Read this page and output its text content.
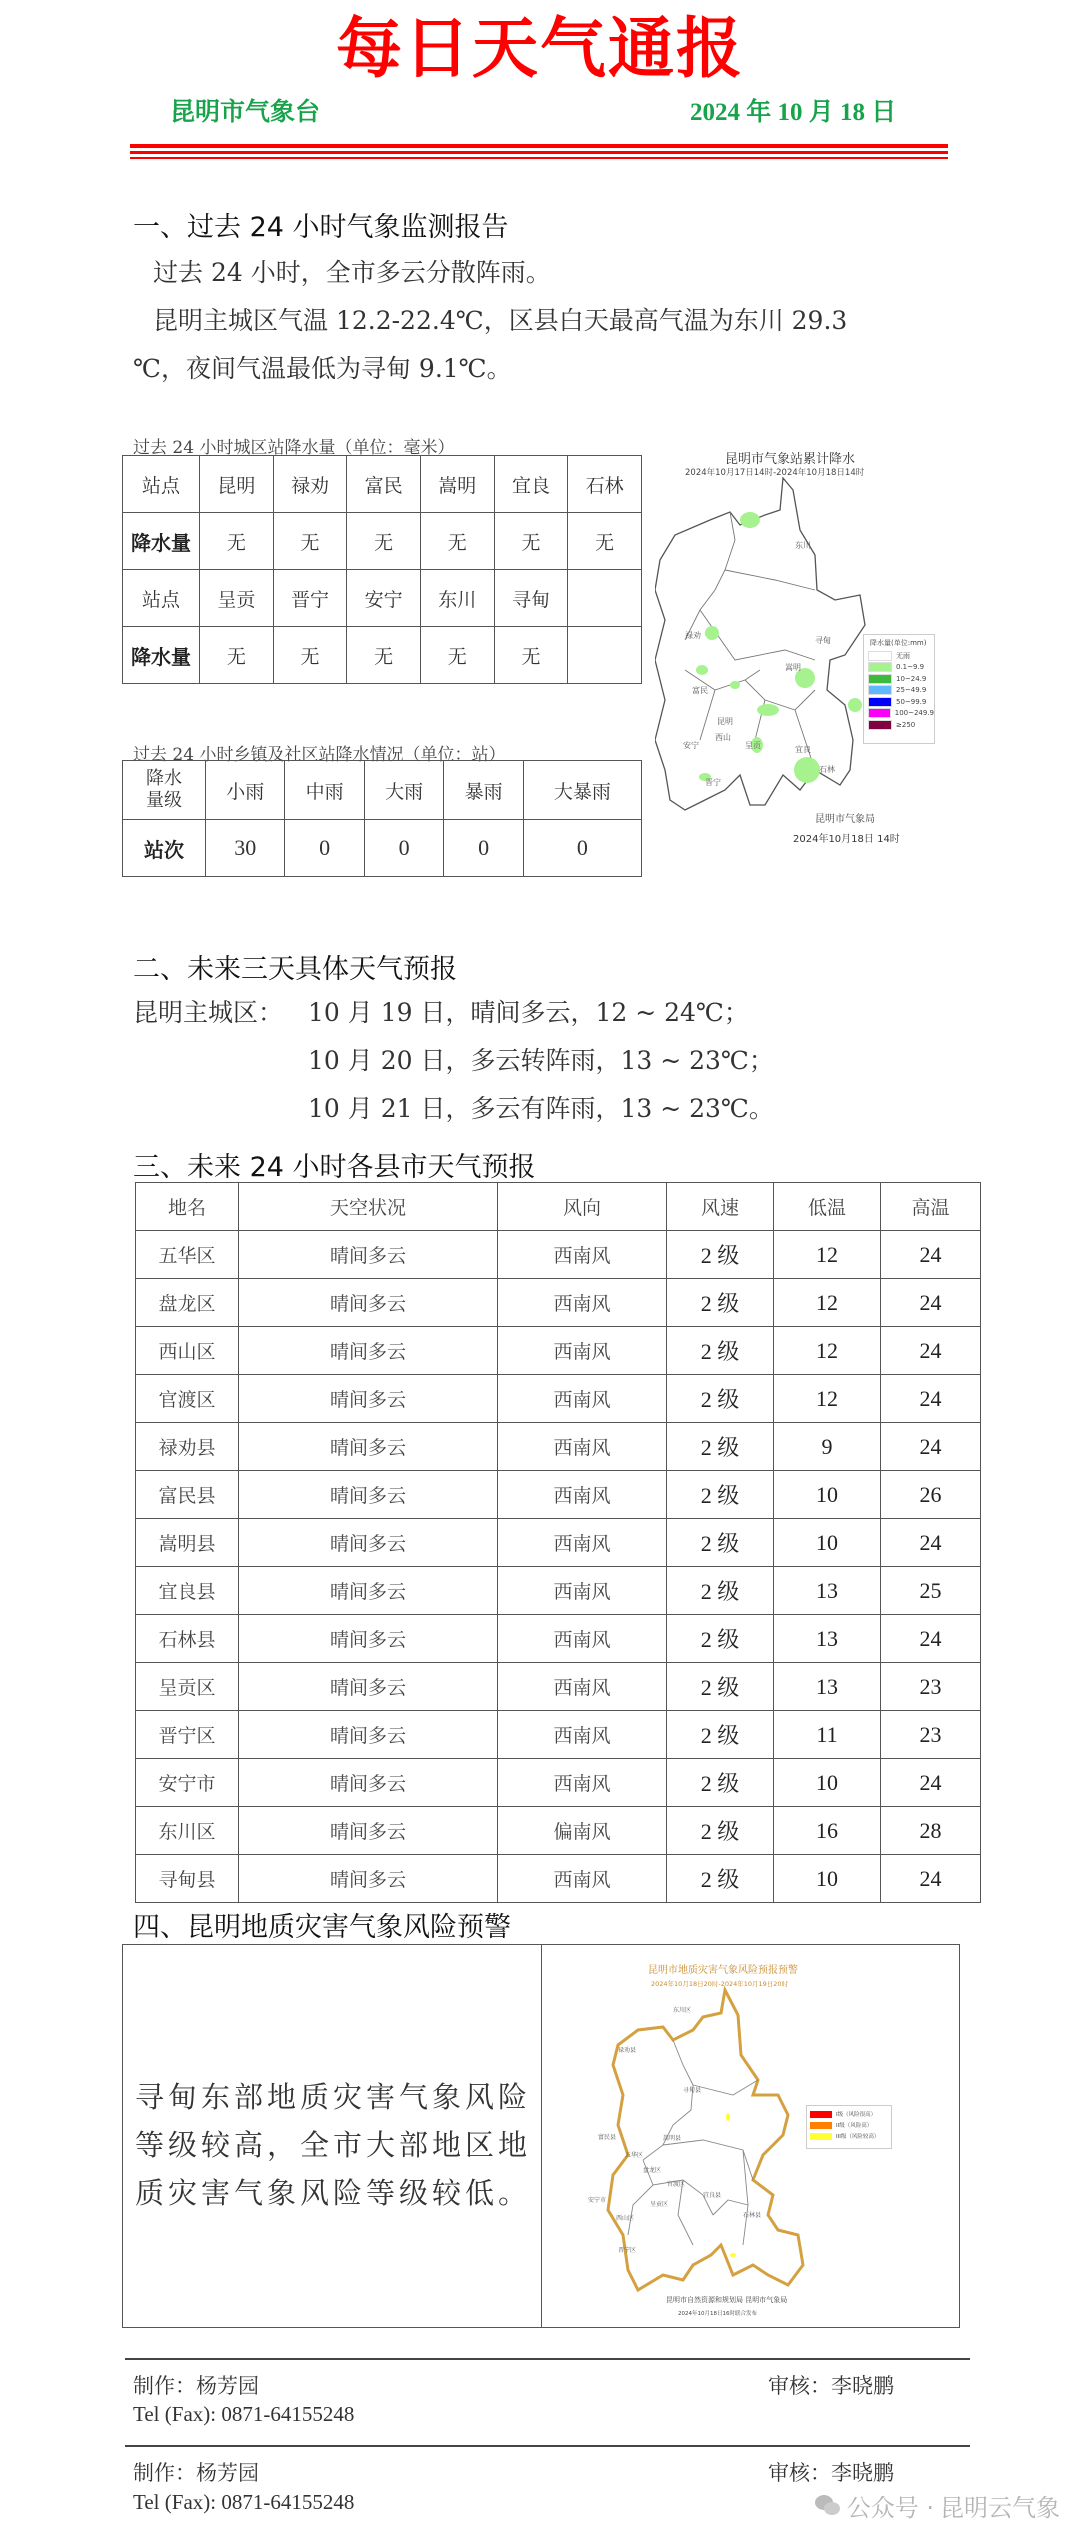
每日天气通报
昆明市气象台	2024 年 10 月 18 日
一、过去 24 小时气象监测报告
过去 24 小时，全市多云分散阵雨。
昆明主城区气温 12.2-22.4℃，区县白天最高气温为东川 29.3
℃，夜间气温最低为寻甸 9.1℃。
过去 24 小时城区站降水量（单位：毫米）
站点	昆明	禄劝	富民	嵩明	宜良	石林
降水量	无	无	无	无	无	无
站点	呈贡	晋宁	安宁	东川	寻甸	
降水量	无	无	无	无	无	
过去 24 小时乡镇及社区站降水情况（单位：站）
降水
量级	小雨	中雨	大雨	暴雨	大暴雨
站次	30	0	0	0	0
昆明市气象站累计降水
2024年10月17日14时-2024年10月18日14时
东川
禄劝
寻甸
嵩明
富民
昆明
西山
安宁	呈贡	宜良
石林
晋宁
降水量(单位:mm)
无雨
0.1~9.9
10~24.9
25~49.9
50~99.9
100~249.9
≥250
昆明市气象局
2024年10月18日 14时
二、未来三天具体天气预报
昆明主城区： 10 月 19 日，晴间多云，12 ~ 24℃；
10 月 20 日，多云转阵雨，13 ~ 23℃；
10 月 21 日，多云有阵雨，13 ~ 23℃。
三、未来 24 小时各县市天气预报
地名	天空状况	风向	风速	低温	高温
五华区	晴间多云	西南风	2 级	12	24
盘龙区	晴间多云	西南风	2 级	12	24
西山区	晴间多云	西南风	2 级	12	24
官渡区	晴间多云	西南风	2 级	12	24
禄劝县	晴间多云	西南风	2 级	9	24
富民县	晴间多云	西南风	2 级	10	26
嵩明县	晴间多云	西南风	2 级	10	24
宜良县	晴间多云	西南风	2 级	13	25
石林县	晴间多云	西南风	2 级	13	24
呈贡区	晴间多云	西南风	2 级	13	23
晋宁区	晴间多云	西南风	2 级	11	23
安宁市	晴间多云	西南风	2 级	10	24
东川区	晴间多云	偏南风	2 级	16	28
寻甸县	晴间多云	西南风	2 级	10	24
四、昆明地质灾害气象风险预警
寻甸东部地质灾害气象风险等级较高，全市大部地区地质灾害气象风险等级较低。
昆明市地质灾害气象风险预报预警
2024年10月18日20时-2024年10月19日20时
东川区
禄劝县
寻甸县
富民县	嵩明县
五华区
盘龙区
官渡区
安宁市
西山区
呈贡区
宜良县
石林县
晋宁区
I级（风险很高）
II级（风险高）
III级（风险较高）
昆明市自然资源和规划局 昆明市气象局
2024年10月18日16时联合发布
制作：杨芳园
Tel (Fax): 0871-64155248
审核：李晓鹏
制作：杨芳园
Tel (Fax): 0871-64155248
审核：李晓鹏
公众号 · 昆明云气象
